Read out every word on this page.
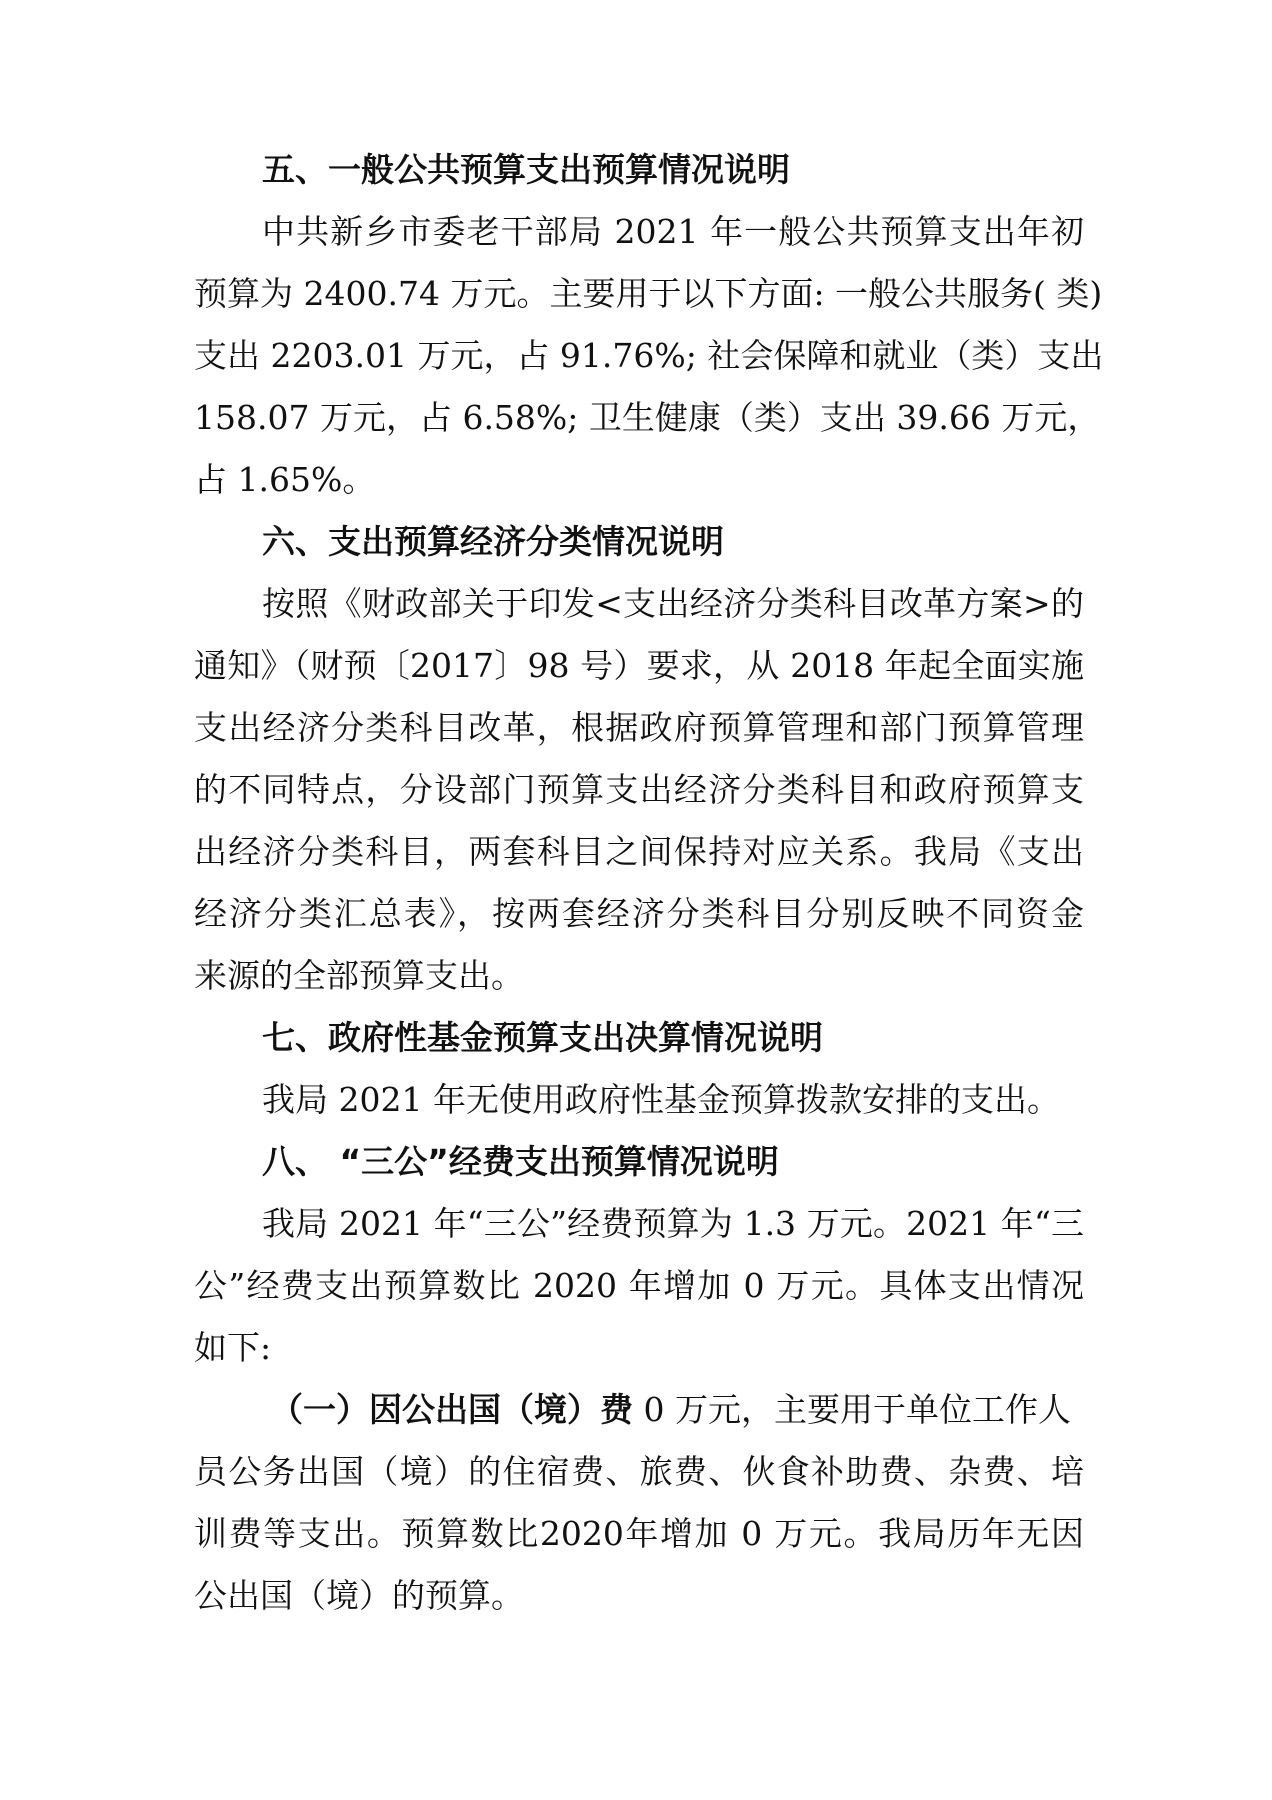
五、一般公共预算支出预算情况说明
中共新乡市委老干部局 2021 年一般公共预算支出年初
预算为 2400.74 万元。主要用于以下方面: 一般公共服务( 类)
支出 2203.01 万元，占 91.76%; 社会保障和就业（类）支出
158.07 万元，占 6.58%; 卫生健康（类）支出 39.66 万元，
占 1.65%。
六、支出预算经济分类情况说明
按照《财政部关于印发<支出经济分类科目改革方案>的
通知》（财预〔2017〕98 号）要求，从 2018 年起全面实施
支出经济分类科目改革，根据政府预算管理和部门预算管理
的不同特点，分设部门预算支出经济分类科目和政府预算支
出经济分类科目，两套科目之间保持对应关系。我局《支出
经济分类汇总表》，按两套经济分类科目分别反映不同资金
来源的全部预算支出。
七、政府性基金预算支出决算情况说明
我局 2021 年无使用政府性基金预算拨款安排的支出。
八、 “三公”经费支出预算情况说明
我局 2021 年“三公”经费预算为 1.3 万元。2021 年“三
公”经费支出预算数比 2020 年增加 0 万元。具体支出情况
如下:
（一）因公出国（境）费 0 万元，主要用于单位工作人
员公务出国（境）的住宿费、旅费、伙食补助费、杂费、培
训费等支出。预算数比2020年增加 0 万元。我局历年无因
公出国（境）的预算。
